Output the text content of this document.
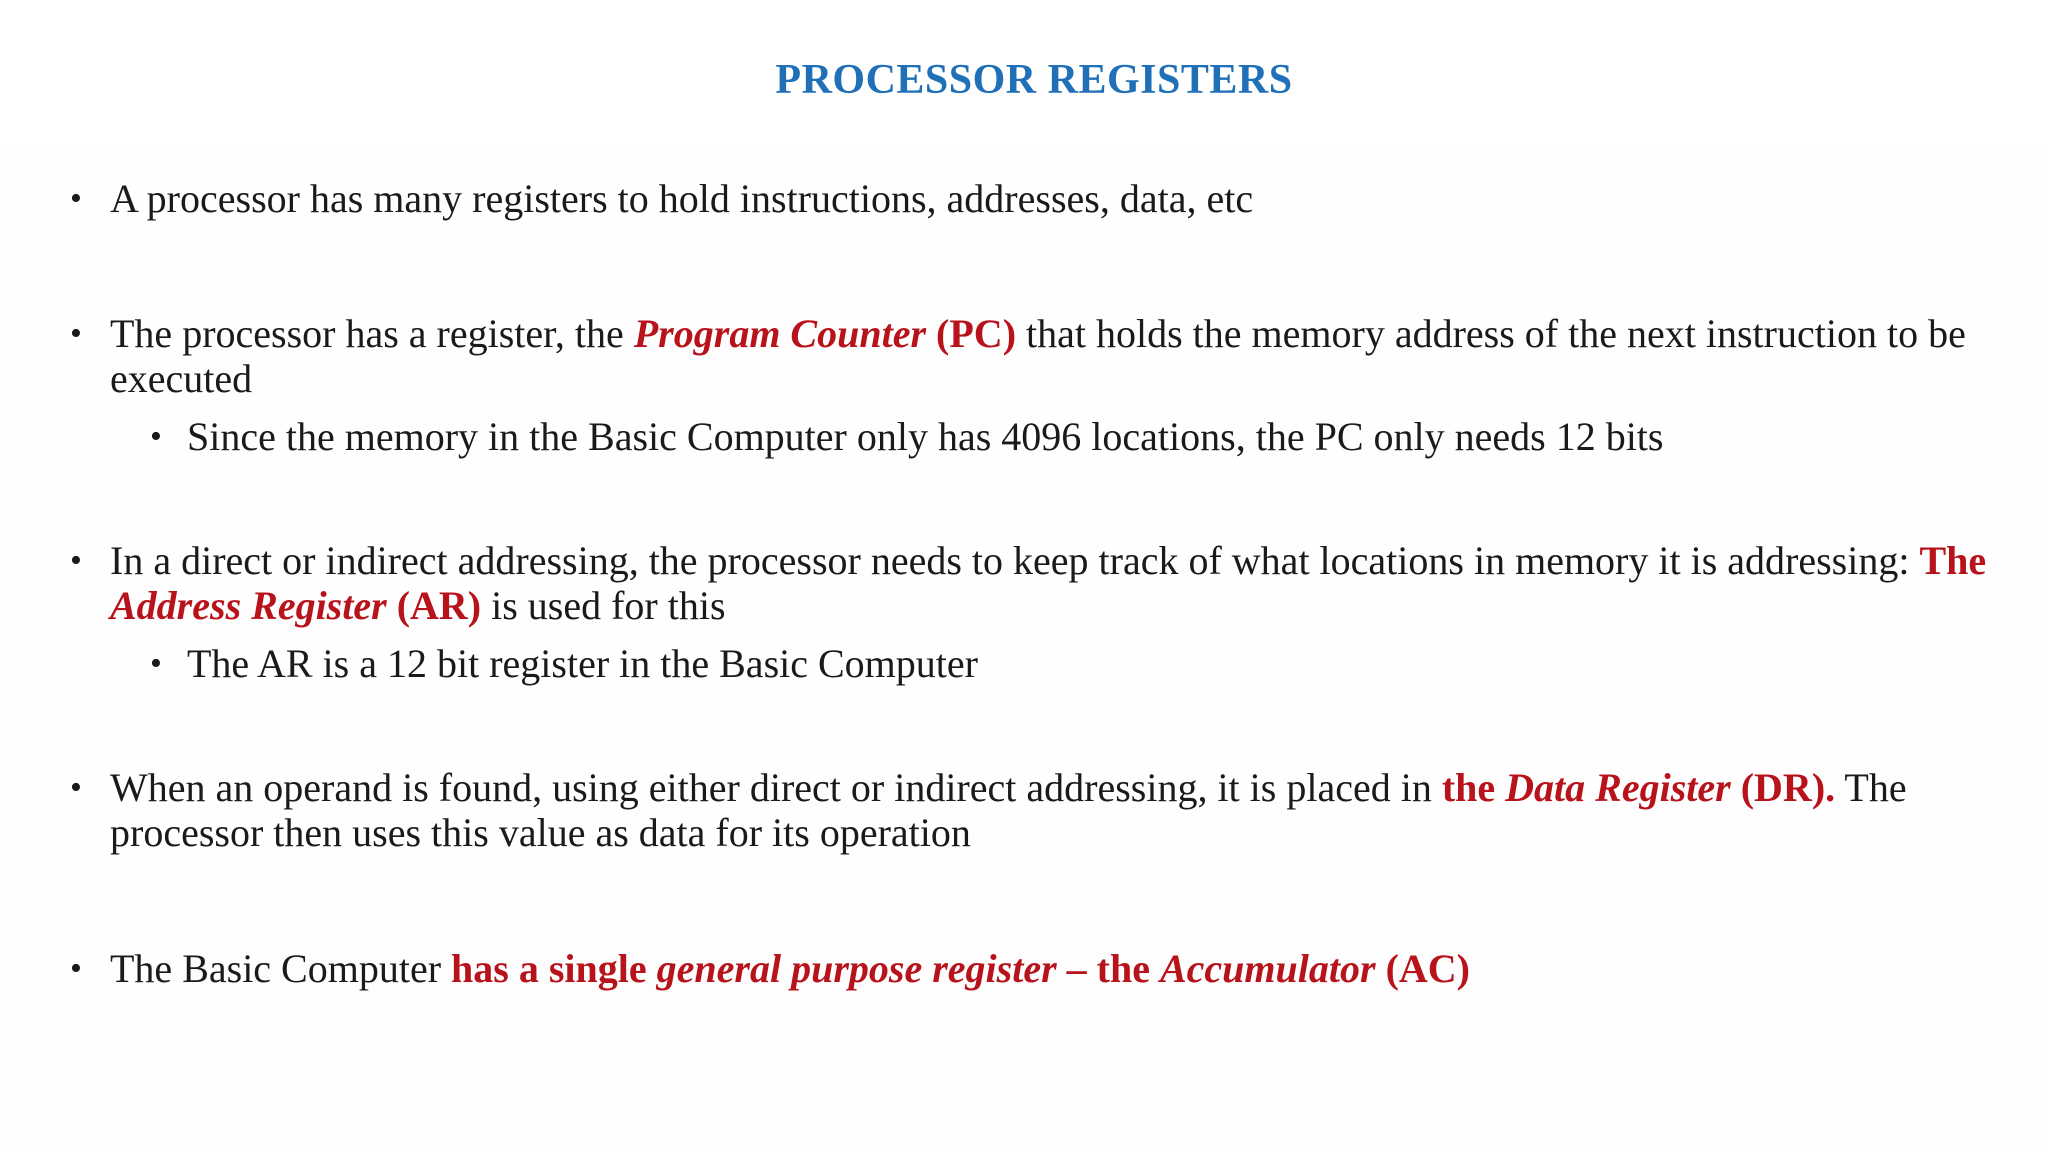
PROCESSOR REGISTERS
• A processor has many registers to hold instructions, addresses, data, etc
• The processor has a register, the Program Counter (PC) that holds the memory address of the next instruction to be executed
• Since the memory in the Basic Computer only has 4096 locations, the PC only needs 12 bits
• In a direct or indirect addressing, the processor needs to keep track of what locations in memory it is addressing: The Address Register (AR) is used for this
• The AR is a 12 bit register in the Basic Computer
• When an operand is found, using either direct or indirect addressing, it is placed in the Data Register (DR). The processor then uses this value as data for its operation
• The Basic Computer has a single general purpose register – the Accumulator (AC)
